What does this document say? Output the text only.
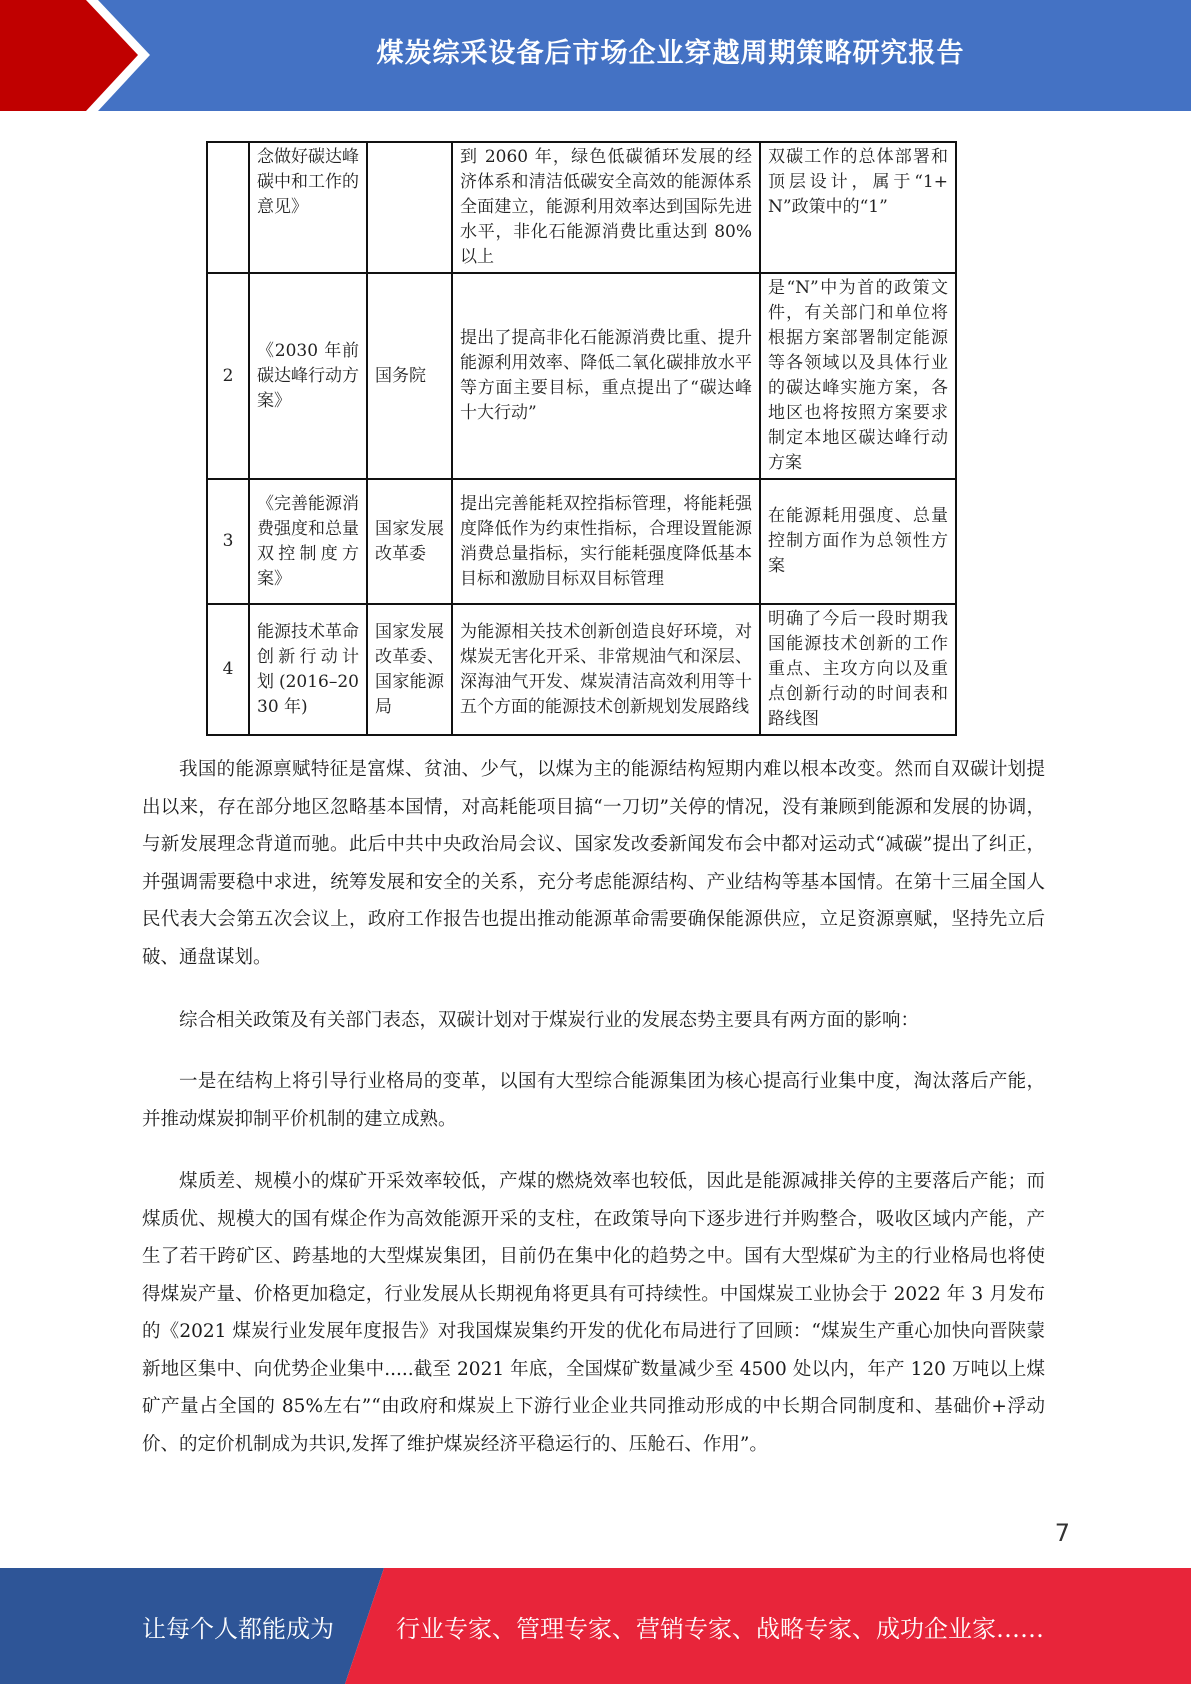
煤炭综采设备后市场企业穿越周期策略研究报告
	念做好碳达峰碳中和工作的意见》		到 2060 年，绿色低碳循环发展的经济体系和清洁低碳安全高效的能源体系全面建立，能源利用效率达到国际先进水平，非化石能源消费比重达到 80%以上	双碳工作的总体部署和顶层设计，属于“1+N”政策中的“1”
2	《2030 年前碳达峰行动方案》	国务院	提出了提高非化石能源消费比重、提升能源利用效率、降低二氧化碳排放水平等方面主要目标，重点提出了“碳达峰十大行动”	是“N”中为首的政策文件，有关部门和单位将根据方案部署制定能源等各领域以及具体行业的碳达峰实施方案，各地区也将按照方案要求制定本地区碳达峰行动方案
3	《完善能源消费强度和总量双控制度方案》	国家发展改革委	提出完善能耗双控指标管理，将能耗强度降低作为约束性指标，合理设置能源消费总量指标，实行能耗强度降低基本目标和激励目标双目标管理	在能源耗用强度、总量控制方面作为总领性方案
4	能源技术革命创新行动计 划(2016–2030 年)	国家发展改革委、国家能源局	为能源相关技术创新创造良好环境，对煤炭无害化开采、非常规油气和深层、深海油气开发、煤炭清洁高效利用等十五个方面的能源技术创新规划发展路线	明确了今后一段时期我国能源技术创新的工作重点、主攻方向以及重点创新行动的时间表和路线图

我国的能源禀赋特征是富煤、贫油、少气，以煤为主的能源结构短期内难以根本改变。然而自双碳计划提出以来，存在部分地区忽略基本国情，对高耗能项目搞“一刀切”关停的情况，没有兼顾到能源和发展的协调，与新发展理念背道而驰。此后中共中央政治局会议、国家发改委新闻发布会中都对运动式“减碳”提出了纠正，并强调需要稳中求进，统筹发展和安全的关系，充分考虑能源结构、产业结构等基本国情。在第十三届全国人民代表大会第五次会议上，政府工作报告也提出推动能源革命需要确保能源供应，立足资源禀赋，坚持先立后破、通盘谋划。

综合相关政策及有关部门表态，双碳计划对于煤炭行业的发展态势主要具有两方面的影响：

一是在结构上将引导行业格局的变革，以国有大型综合能源集团为核心提高行业集中度，淘汰落后产能，并推动煤炭抑制平价机制的建立成熟。

煤质差、规模小的煤矿开采效率较低，产煤的燃烧效率也较低，因此是能源减排关停的主要落后产能；而煤质优、规模大的国有煤企作为高效能源开采的支柱，在政策导向下逐步进行并购整合，吸收区域内产能，产生了若干跨矿区、跨基地的大型煤炭集团，目前仍在集中化的趋势之中。国有大型煤矿为主的行业格局也将使得煤炭产量、价格更加稳定，行业发展从长期视角将更具有可持续性。中国煤炭工业协会于 2022 年 3 月发布的《2021 煤炭行业发展年度报告》对我国煤炭集约开发的优化布局进行了回顾：“煤炭生产重心加快向晋陕蒙新地区集中、向优势企业集中.....截至 2021 年底，全国煤矿数量减少至 4500 处以内，年产 120 万吨以上煤矿产量占全国的 85%左右”“由政府和煤炭上下游行业企业共同推动形成的中长期合同制度和、基础价+浮动价、的定价机制成为共识,发挥了维护煤炭经济平稳运行的、压舱石、作用”。

7
让每个人都能成为	行业专家、管理专家、营销专家、战略专家、成功企业家……
